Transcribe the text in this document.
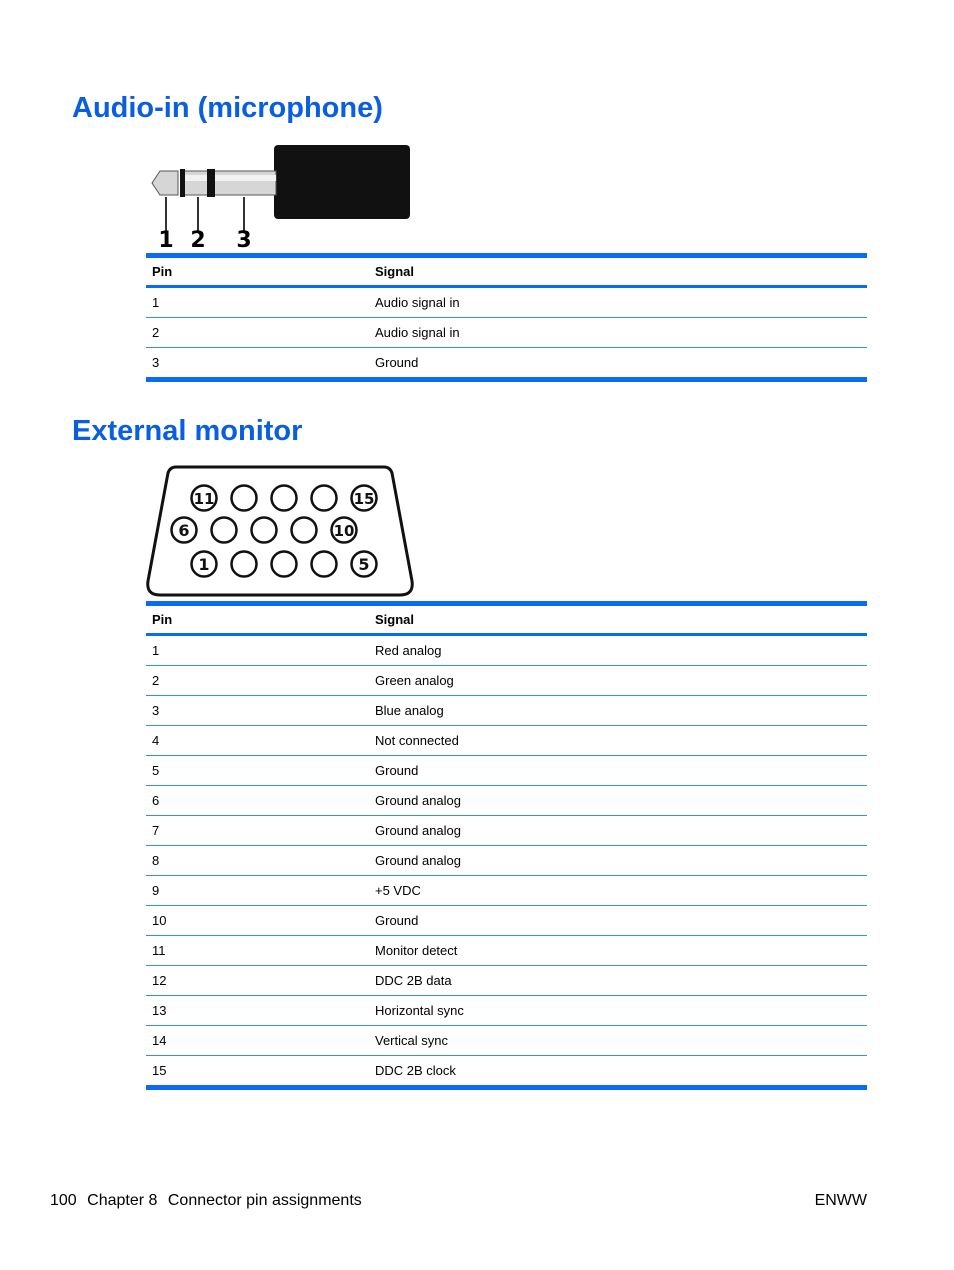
Audio-in (microphone)
1 2 3
Pin	Signal
1	Audio signal in
2	Audio signal in
3	Ground
External monitor
11	15
6	10
1	5
Pin	Signal
1	Red analog
2	Green analog
3	Blue analog
4	Not connected
5	Ground
6	Ground analog
7	Ground analog
8	Ground analog
9	+5 VDC
10	Ground
11	Monitor detect
12	DDC 2B data
13	Horizontal sync
14	Vertical sync
15	DDC 2B clock
100 Chapter 8 Connector pin assignments	ENWW
